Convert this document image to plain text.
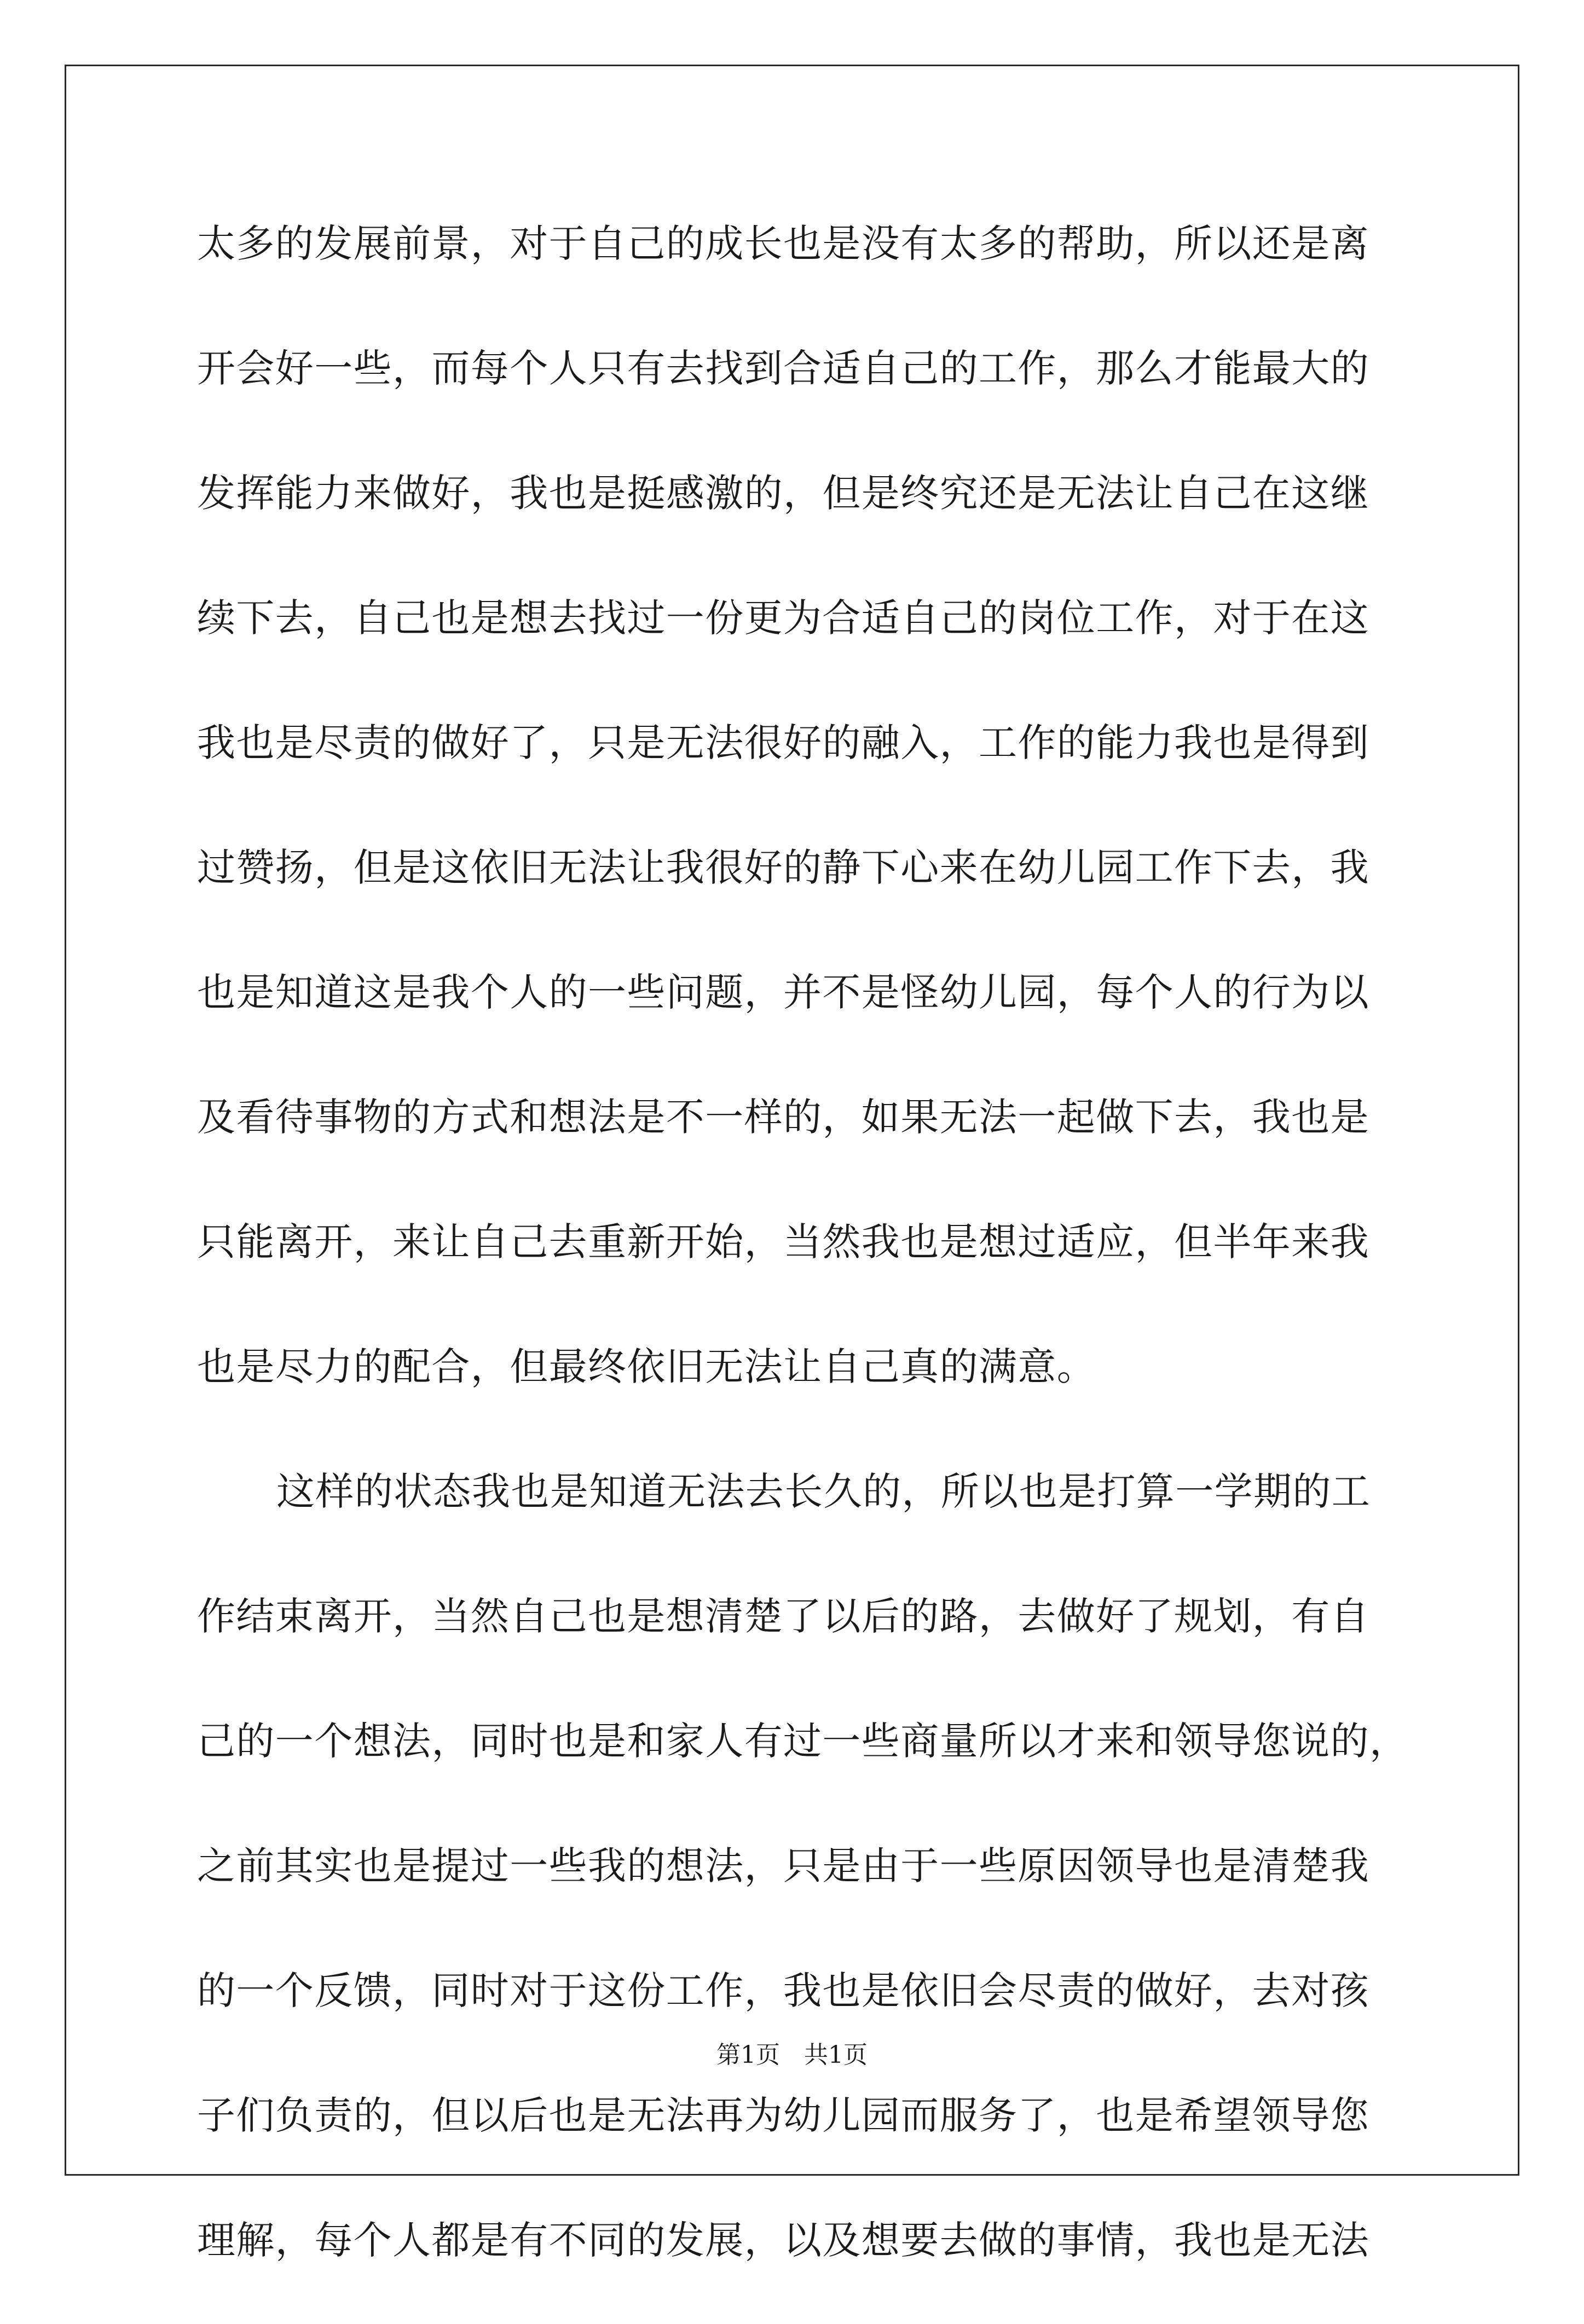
太多的发展前景，对于自己的成长也是没有太多的帮助，所以还是离
开会好一些，而每个人只有去找到合适自己的工作，那么才能最大的
发挥能力来做好，我也是挺感激的，但是终究还是无法让自己在这继
续下去，自己也是想去找过一份更为合适自己的岗位工作，对于在这
我也是尽责的做好了，只是无法很好的融入，工作的能力我也是得到
过赞扬，但是这依旧无法让我很好的静下心来在幼儿园工作下去，我
也是知道这是我个人的一些问题，并不是怪幼儿园，每个人的行为以
及看待事物的方式和想法是不一样的，如果无法一起做下去，我也是
只能离开，来让自己去重新开始，当然我也是想过适应，但半年来我
也是尽力的配合，但最终依旧无法让自己真的满意。
这样的状态我也是知道无法去长久的，所以也是打算一学期的工
作结束离开，当然自己也是想清楚了以后的路，去做好了规划，有自
己的一个想法，同时也是和家人有过一些商量所以才来和领导您说的，
之前其实也是提过一些我的想法，只是由于一些原因领导也是清楚我
的一个反馈，同时对于这份工作，我也是依旧会尽责的做好，去对孩
子们负责的，但以后也是无法再为幼儿园而服务了，也是希望领导您
理解，每个人都是有不同的发展，以及想要去做的事情，我也是无法
第1页　共1页
